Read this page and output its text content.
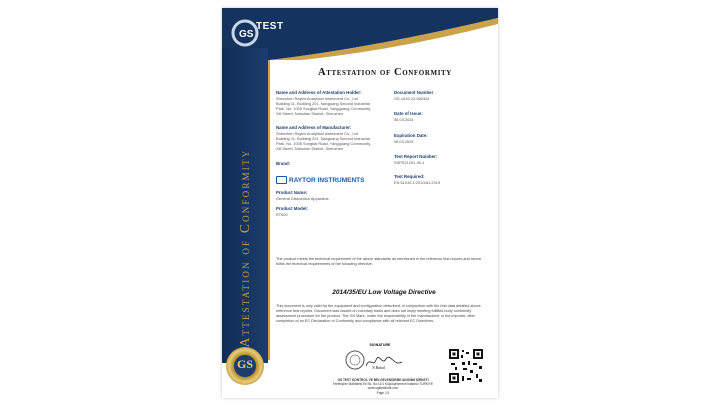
Attestation of Conformity
GS
TEST
Attestation of Conformity
Name and Address of Attestation Holder:
Shenzhen Raytor Analytical Instrument Co., Ltd
Building 11, Building 201, Nanguang Second Industrial
Park, No. 1005 Songbai Road, Yangguang Community,
Xili Street, Nanshan District, Shenzhen
Name and Address of Manufacturer:
Shenzhen Raytor Analytical Instrument Co., Ltd
Building 11, Building 201, Nanguang Second Industrial
Park, No. 1005 Songbai Road, Yangguang Community,
Xili Street, Nanshan District, Shenzhen
Brand:
RAYTOR INSTRUMENTS
Product Name:
General Dissolution Apparatus
Product Model:
RT600
Document Number
GS-1615-23-060324
Date of Issue:
06.03.2024
Expiration Date:
06.03.2029
Test Report Number:
SSPS21201-35-1
Test Required:
EN 61010-1:2010/A1:2019
The product meets the technical requirement of the above standards as mentioned in the reference test reports and hence fulfils the technical requirements of the following directive.
2014/35/EU Low Voltage Directive
This document is only valid for the equipment and configuration described, in conjunction with the test data detailed above reference test reports. Document was issued on voluntary basis and does not imply meeting fulfilled body conformity assessment procedure for the product. The GS Mark, under the responsibility of the manufacturer or the importer, after completion of an EC Declaration of Conformity and compliance with all relevant EC Directives.
SIGNATURE
N.Bakal
GS
GS TEST KONTROL VE BELGELENDİRME ANONİM ŞİRKETİ
Fertekçiler Mahallesi Eti Sk. No:11/1 Küçükçekmece İstanbul TÜRKİYE
www.sgstestindit.com
Page 1/1
